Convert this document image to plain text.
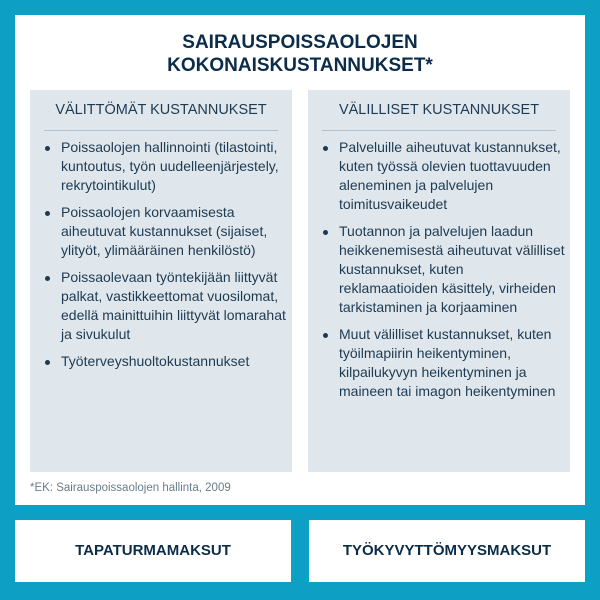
SAIRAUSPOISSAOLOJEN
KOKONAISKUSTANNUKSET*
VÄLITTÖMÄT KUSTANNUKSET
Poissaolojen hallinnointi (tilastointi, kuntoutus, työn uudelleenjärjestely, rekrytointikulut)
Poissaolojen korvaamisesta aiheutuvat kustannukset (sijaiset, ylityöt, ylimääräinen henkilöstö)
Poissaolevaan työntekijään liittyvät palkat, vastikkeettomat vuosilomat, edellä mainittuihin liittyvät lomarahat ja sivukulut
Työterveyshuoltokustannukset
VÄLILLISET KUSTANNUKSET
Palveluille aiheutuvat kustannukset, kuten työssä olevien tuottavuuden aleneminen ja palvelujen toimitusvaikeudet
Tuotannon ja palvelujen laadun heikkenemisestä aiheutuvat välilliset kustannukset, kuten reklamaatioiden käsittely, virheiden tarkistaminen ja korjaaminen
Muut välilliset kustannukset, kuten työilmapiirin heikentyminen, kilpailukyvyn heikentyminen ja maineen tai imagon heikentyminen
*EK: Sairauspoissaolojen hallinta, 2009
TAPATURMAMAKSUT	TYÖKYVYTTÖMYYSMAKSUT
